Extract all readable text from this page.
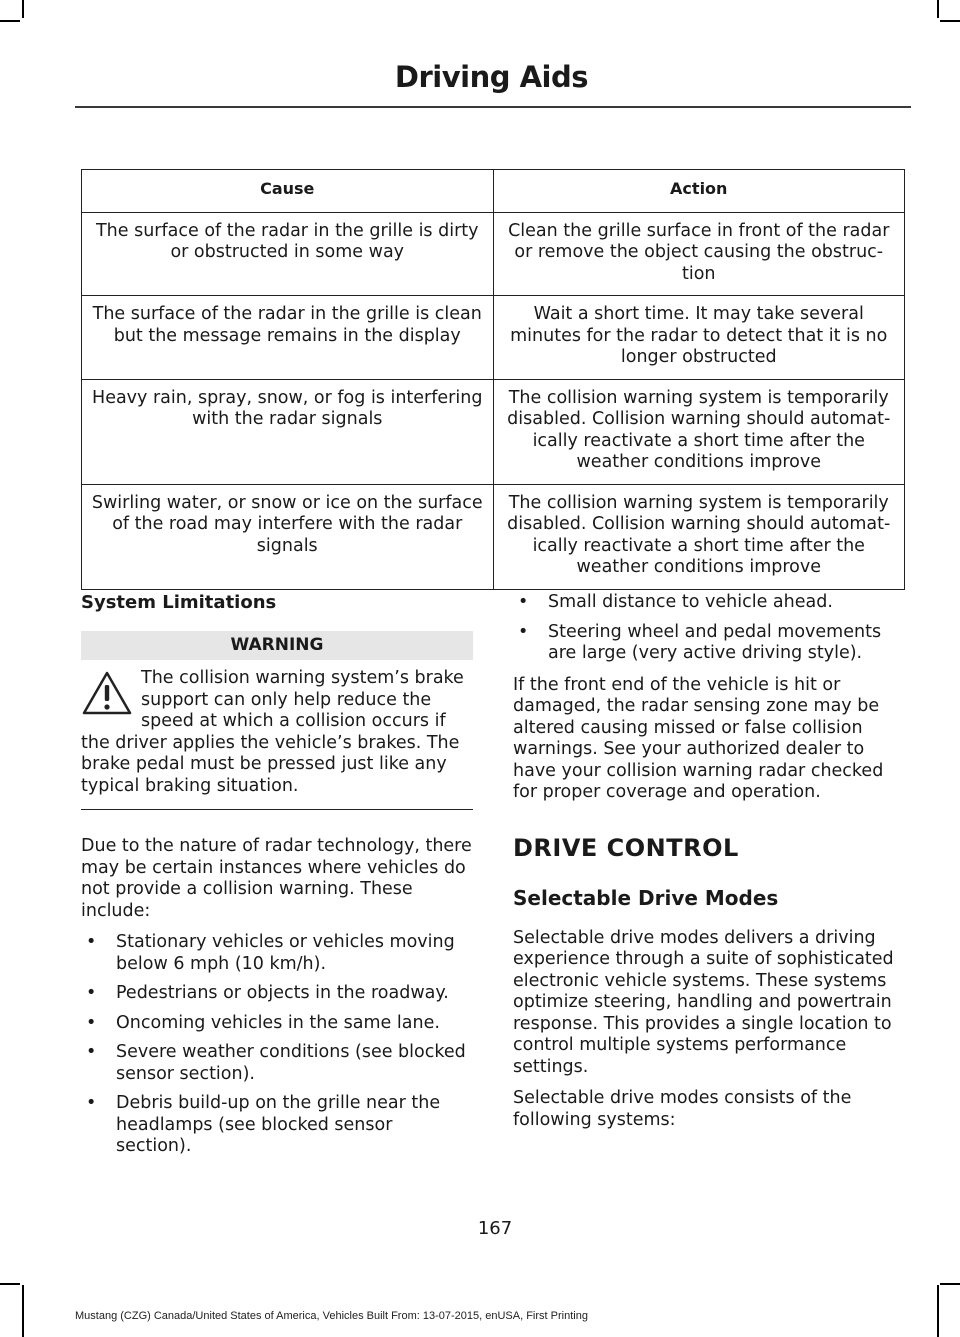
Driving Aids
Cause	Action
The surface of the radar in the grille is dirty or obstructed in some way	Clean the grille surface in front of the radar or remove the object causing the obstruc-tion
The surface of the radar in the grille is clean but the message remains in the display	Wait a short time. It may take several minutes for the radar to detect that it is no longer obstructed
Heavy rain, spray, snow, or fog is interfering with the radar signals	The collision warning system is temporarily disabled. Collision warning should automat-ically reactivate a short time after the weather conditions improve
Swirling water, or snow or ice on the surface of the road may interfere with the radar signals	The collision warning system is temporarily disabled. Collision warning should automat-ically reactivate a short time after the weather conditions improve
System Limitations
WARNING
The collision warning system’s brake support can only help reduce the speed at which a collision occurs if the driver applies the vehicle’s brakes. The brake pedal must be pressed just like any typical braking situation.

Due to the nature of radar technology, there may be certain instances where vehicles do not provide a collision warning. These include:

• Stationary vehicles or vehicles moving below 6 mph (10 km/h).
• Pedestrians or objects in the roadway.
• Oncoming vehicles in the same lane.
• Severe weather conditions (see blocked sensor section).
• Debris build-up on the grille near the headlamps (see blocked sensor section).
• Small distance to vehicle ahead.
• Steering wheel and pedal movements are large (very active driving style).

If the front end of the vehicle is hit or damaged, the radar sensing zone may be altered causing missed or false collision warnings. See your authorized dealer to have your collision warning radar checked for proper coverage and operation.

DRIVE CONTROL
Selectable Drive Modes

Selectable drive modes delivers a driving experience through a suite of sophisticated electronic vehicle systems. These systems optimize steering, handling and powertrain response. This provides a single location to control multiple systems performance settings.

Selectable drive modes consists of the following systems:

167
Mustang (CZG) Canada/United States of America, Vehicles Built From: 13-07-2015, enUSA, First Printing
